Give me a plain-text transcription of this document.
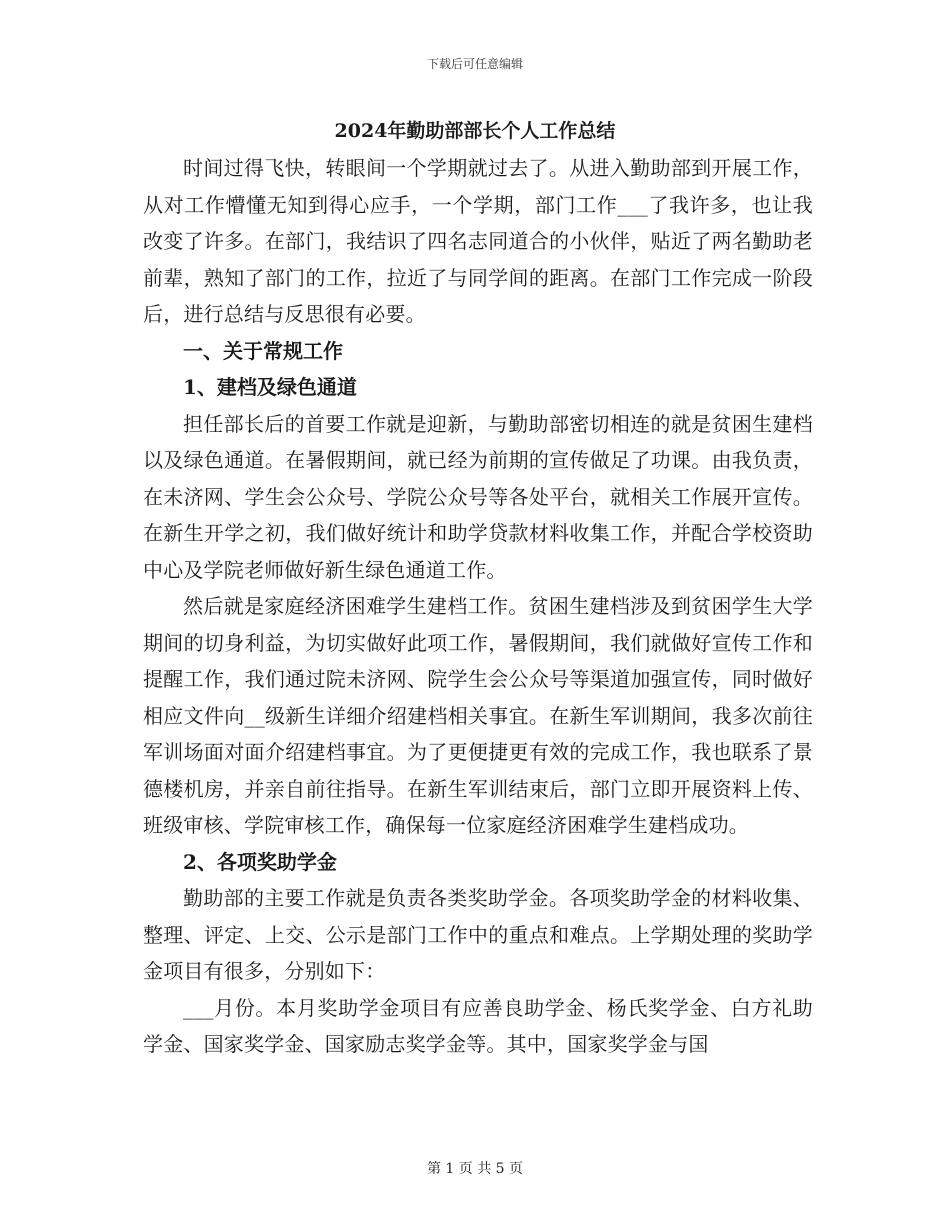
下载后可任意编辑
2024年勤助部部长个人工作总结

时间过得飞快，转眼间一个学期就过去了。从进入勤助部到开展工作，从对工作懵懂无知到得心应手，一个学期，部门工作___了我许多，也让我改变了许多。在部门，我结识了四名志同道合的小伙伴，贴近了两名勤助老前辈，熟知了部门的工作，拉近了与同学间的距离。在部门工作完成一阶段后，进行总结与反思很有必要。

一、关于常规工作

1、建档及绿色通道

担任部长后的首要工作就是迎新，与勤助部密切相连的就是贫困生建档以及绿色通道。在暑假期间，就已经为前期的宣传做足了功课。由我负责，在未济网、学生会公众号、学院公众号等各处平台，就相关工作展开宣传。在新生开学之初，我们做好统计和助学贷款材料收集工作，并配合学校资助中心及学院老师做好新生绿色通道工作。

然后就是家庭经济困难学生建档工作。贫困生建档涉及到贫困学生大学期间的切身利益，为切实做好此项工作，暑假期间，我们就做好宣传工作和提醒工作，我们通过院未济网、院学生会公众号等渠道加强宣传，同时做好相应文件向__级新生详细介绍建档相关事宜。在新生军训期间，我多次前往军训场面对面介绍建档事宜。为了更便捷更有效的完成工作，我也联系了景德楼机房，并亲自前往指导。在新生军训结束后，部门立即开展资料上传、班级审核、学院审核工作，确保每一位家庭经济困难学生建档成功。

2、各项奖助学金

勤助部的主要工作就是负责各类奖助学金。各项奖助学金的材料收集、整理、评定、上交、公示是部门工作中的重点和难点。上学期处理的奖助学金项目有很多，分别如下：

___月份。本月奖助学金项目有应善良助学金、杨氏奖学金、白方礼助学金、国家奖学金、国家励志奖学金等。其中，国家奖学金与国

第 1 页 共 5 页
